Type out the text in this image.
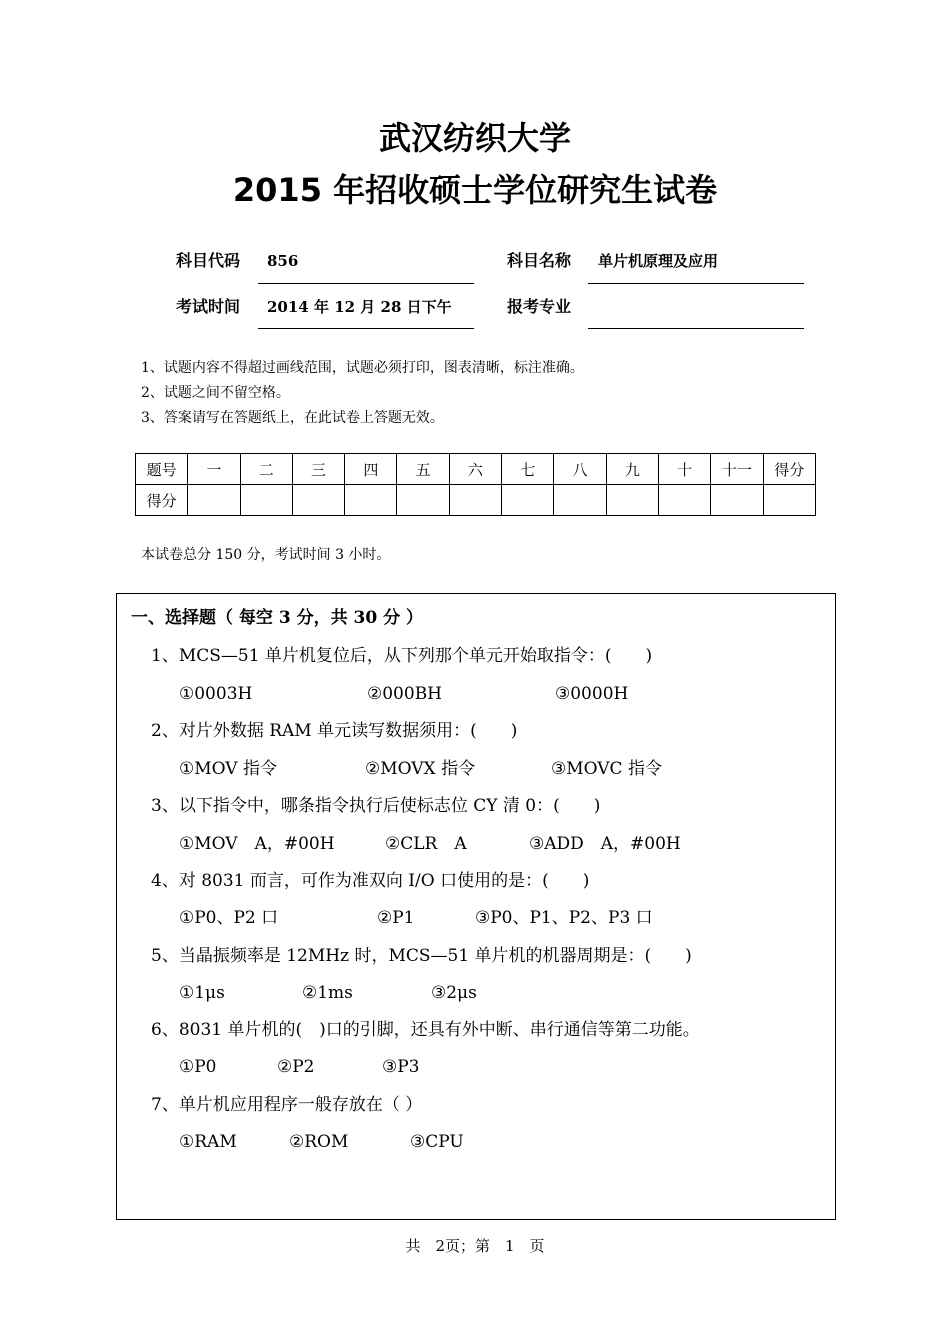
武汉纺织大学
2015 年招收硕士学位研究生试卷
科目代码 856	科目名称 单片机原理及应用
考试时间 2014 年 12 月 28 日下午	报考专业
1、试题内容不得超过画线范围，试题必须打印，图表清晰，标注准确。
2、试题之间不留空格。
3、答案请写在答题纸上，在此试卷上答题无效。
题号	一	二	三	四	五	六	七	八	九	十	十一	得分
得分												
本试卷总分 150 分，考试时间 3 小时。
一、选择题（ 每空 3 分，共 30 分 ）
1、MCS—51 单片机复位后，从下列那个单元开始取指令：(　　)
①0003H	②000BH	③0000H
2、对片外数据 RAM 单元读写数据须用：(　　)
①MOV 指令	②MOVX 指令	③MOVC 指令
3、以下指令中，哪条指令执行后使标志位 CY 清 0：(　　)
①MOV　A，#00H	②CLR　A	③ADD　A，#00H
4、对 8031 而言，可作为准双向 I/O 口使用的是：(　　)
①P0、P2 口	②P1	③P0、P1、P2、P3 口
5、当晶振频率是 12MHz 时，MCS—51 单片机的机器周期是：(　　)
①1μs	②1ms	③2μs
6、8031 单片机的(　)口的引脚，还具有外中断、串行通信等第二功能。
①P0	②P2	③P3
7、单片机应用程序一般存放在（ ）
①RAM	②ROM	③CPU
共　2页；第　1　页
